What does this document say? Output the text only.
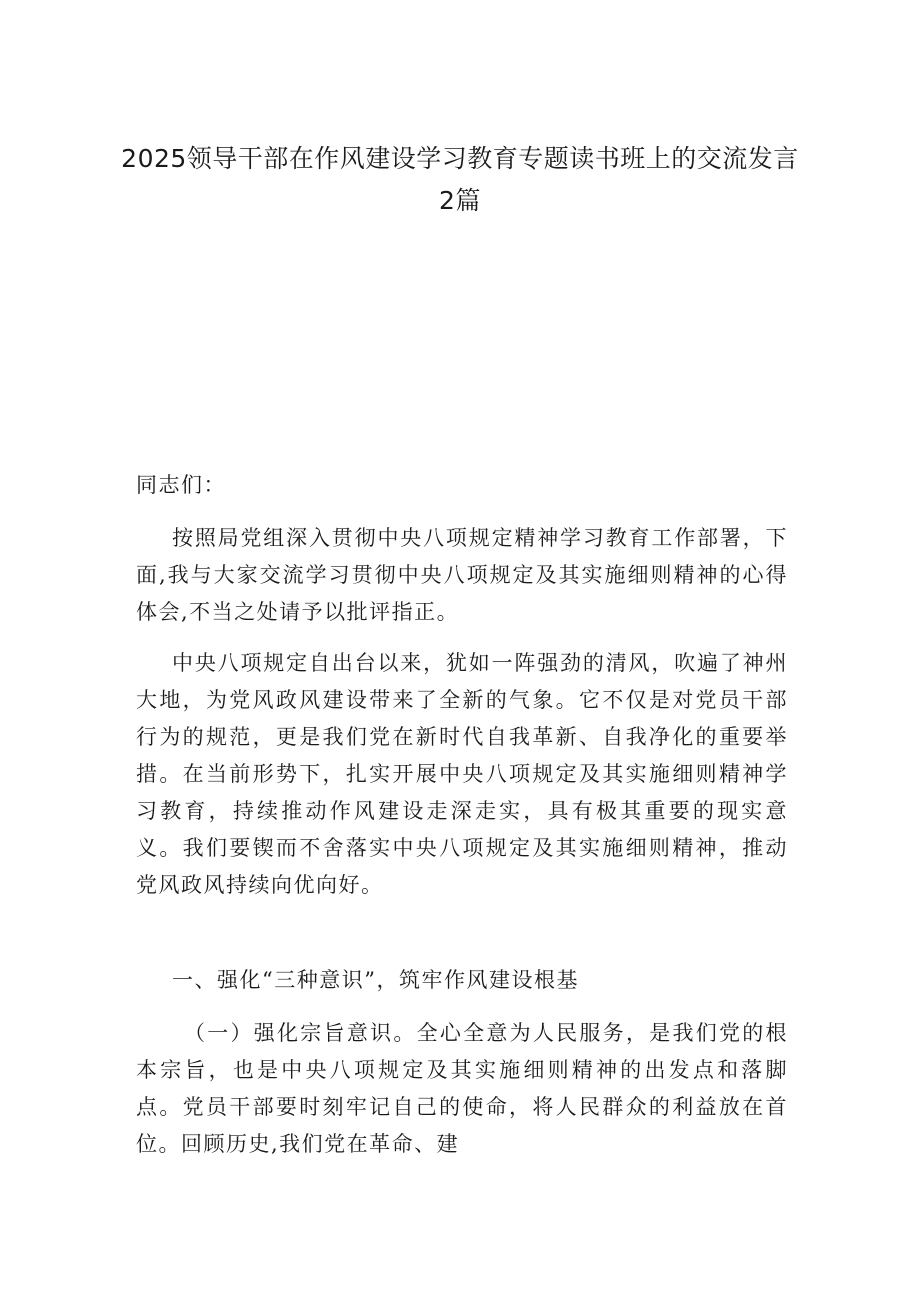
2025领导干部在作风建设学习教育专题读书班上的交流发言2篇

同志们：

按照局党组深入贯彻中央八项规定精神学习教育工作部署，下面,我与大家交流学习贯彻中央八项规定及其实施细则精神的心得体会,不当之处请予以批评指正。

中央八项规定自出台以来，犹如一阵强劲的清风，吹遍了神州大地，为党风政风建设带来了全新的气象。它不仅是对党员干部行为的规范，更是我们党在新时代自我革新、自我净化的重要举措。在当前形势下，扎实开展中央八项规定及其实施细则精神学习教育，持续推动作风建设走深走实，具有极其重要的现实意义。我们要锲而不舍落实中央八项规定及其实施细则精神，推动党风政风持续向优向好。

一、强化“三种意识”，筑牢作风建设根基

（一）强化宗旨意识。全心全意为人民服务，是我们党的根本宗旨，也是中央八项规定及其实施细则精神的出发点和落脚点。党员干部要时刻牢记自己的使命，将人民群众的利益放在首位。回顾历史,我们党在革命、建
